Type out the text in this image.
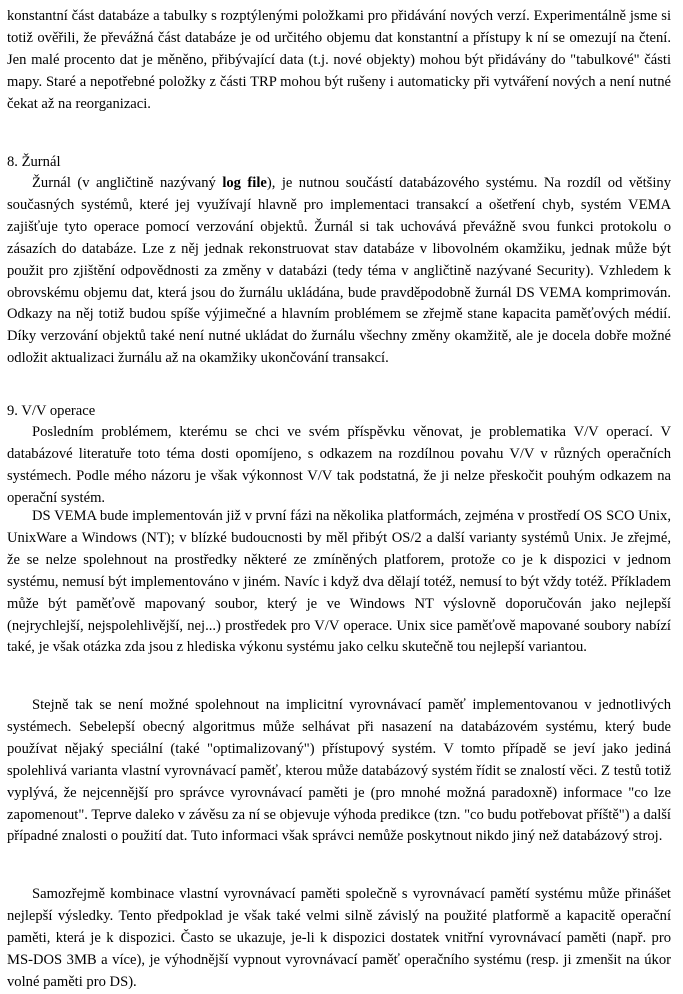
konstantní část databáze a tabulky s rozptýlenými položkami pro přidávání nových verzí. Experimentálně jsme si totiž ověřili, že převážná část databáze je od určitého objemu dat konstantní a přístupy k ní se omezují na čtení. Jen malé procento dat je měněno, přibývající data (t.j. nové objekty) mohou být přidávány do "tabulkové" části mapy. Staré a nepotřebné položky z části TRP mohou být rušeny i automaticky při vytváření nových a není nutné čekat až na reorganizaci.

8. Žurnál

Žurnál (v angličtině nazývaný log file), je nutnou součástí databázového systému. Na rozdíl od většiny současných systémů, které jej využívají hlavně pro implementaci transakcí a ošetření chyb, systém VEMA zajišťuje tyto operace pomocí verzování objektů. Žurnál si tak uchovává převážně svou funkci protokolu o zásazích do databáze. Lze z něj jednak rekonstruovat stav databáze v libovolném okamžiku, jednak může být použit pro zjištění odpovědnosti za změny v databázi (tedy téma v angličtině nazývané Security). Vzhledem k obrovskému objemu dat, která jsou do žurnálu ukládána, bude pravděpodobně žurnál DS VEMA komprimován. Odkazy na něj totiž budou spíše výjimečné a hlavním problémem se zřejmě stane kapacita paměťových médií. Díky verzování objektů také není nutné ukládat do žurnálu všechny změny okamžitě, ale je docela dobře možné odložit aktualizaci žurnálu až na okamžiky ukončování transakcí.

9. V/V operace

Posledním problémem, kterému se chci ve svém příspěvku věnovat, je problematika V/V operací. V databázové literatuře toto téma dosti opomíjeno, s odkazem na rozdílnou povahu V/V v různých operačních systémech. Podle mého názoru je však výkonnost V/V tak podstatná, že ji nelze přeskočit pouhým odkazem na operační systém.

DS VEMA bude implementován již v první fázi na několika platformách, zejména v prostředí OS SCO Unix, UnixWare a Windows (NT); v blízké budoucnosti by měl přibýt OS/2 a další varianty systémů Unix. Je zřejmé, že se nelze spolehnout na prostředky některé ze zmíněných platforem, protože co je k dispozici v jednom systému, nemusí být implementováno v jiném. Navíc i když dva dělají totéž, nemusí to být vždy totéž. Příkladem může být paměťově mapovaný soubor, který je ve Windows NT výslovně doporučován jako nejlepší (nejrychlejší, nejspolehlivější, nej...) prostředek pro V/V operace. Unix sice paměťově mapované soubory nabízí také, je však otázka zda jsou z hlediska výkonu systému jako celku skutečně tou nejlepší variantou.

Stejně tak se není možné spolehnout na implicitní vyrovnávací paměť implementovanou v jednotlivých systémech. Sebelepší obecný algoritmus může selhávat při nasazení na databázovém systému, který bude používat nějaký speciální (také "optimalizovaný") přístupový systém. V tomto případě se jeví jako jediná spolehlivá varianta vlastní vyrovnávací paměť, kterou může databázový systém řídit se znalostí věci. Z testů totiž vyplývá, že nejcennější pro správce vyrovnávací paměti je (pro mnohé možná paradoxně) informace "co lze zapomenout". Teprve daleko v závěsu za ní se objevuje výhoda predikce (tzn. "co budu potřebovat příště") a další případné znalosti o použití dat. Tuto informaci však správci nemůže poskytnout nikdo jiný než databázový stroj.

Samozřejmě kombinace vlastní vyrovnávací paměti společně s vyrovnávací pamětí systému může přinášet nejlepší výsledky. Tento předpoklad je však také velmi silně závislý na použité platformě a kapacitě operační paměti, která je k dispozici. Často se ukazuje, je-li k dispozici dostatek vnitřní vyrovnávací paměti (např. pro MS-DOS 3MB a více), je výhodnější vypnout vyrovnávací paměť operačního systému (resp. ji zmenšit na úkor volné paměti pro DS).
